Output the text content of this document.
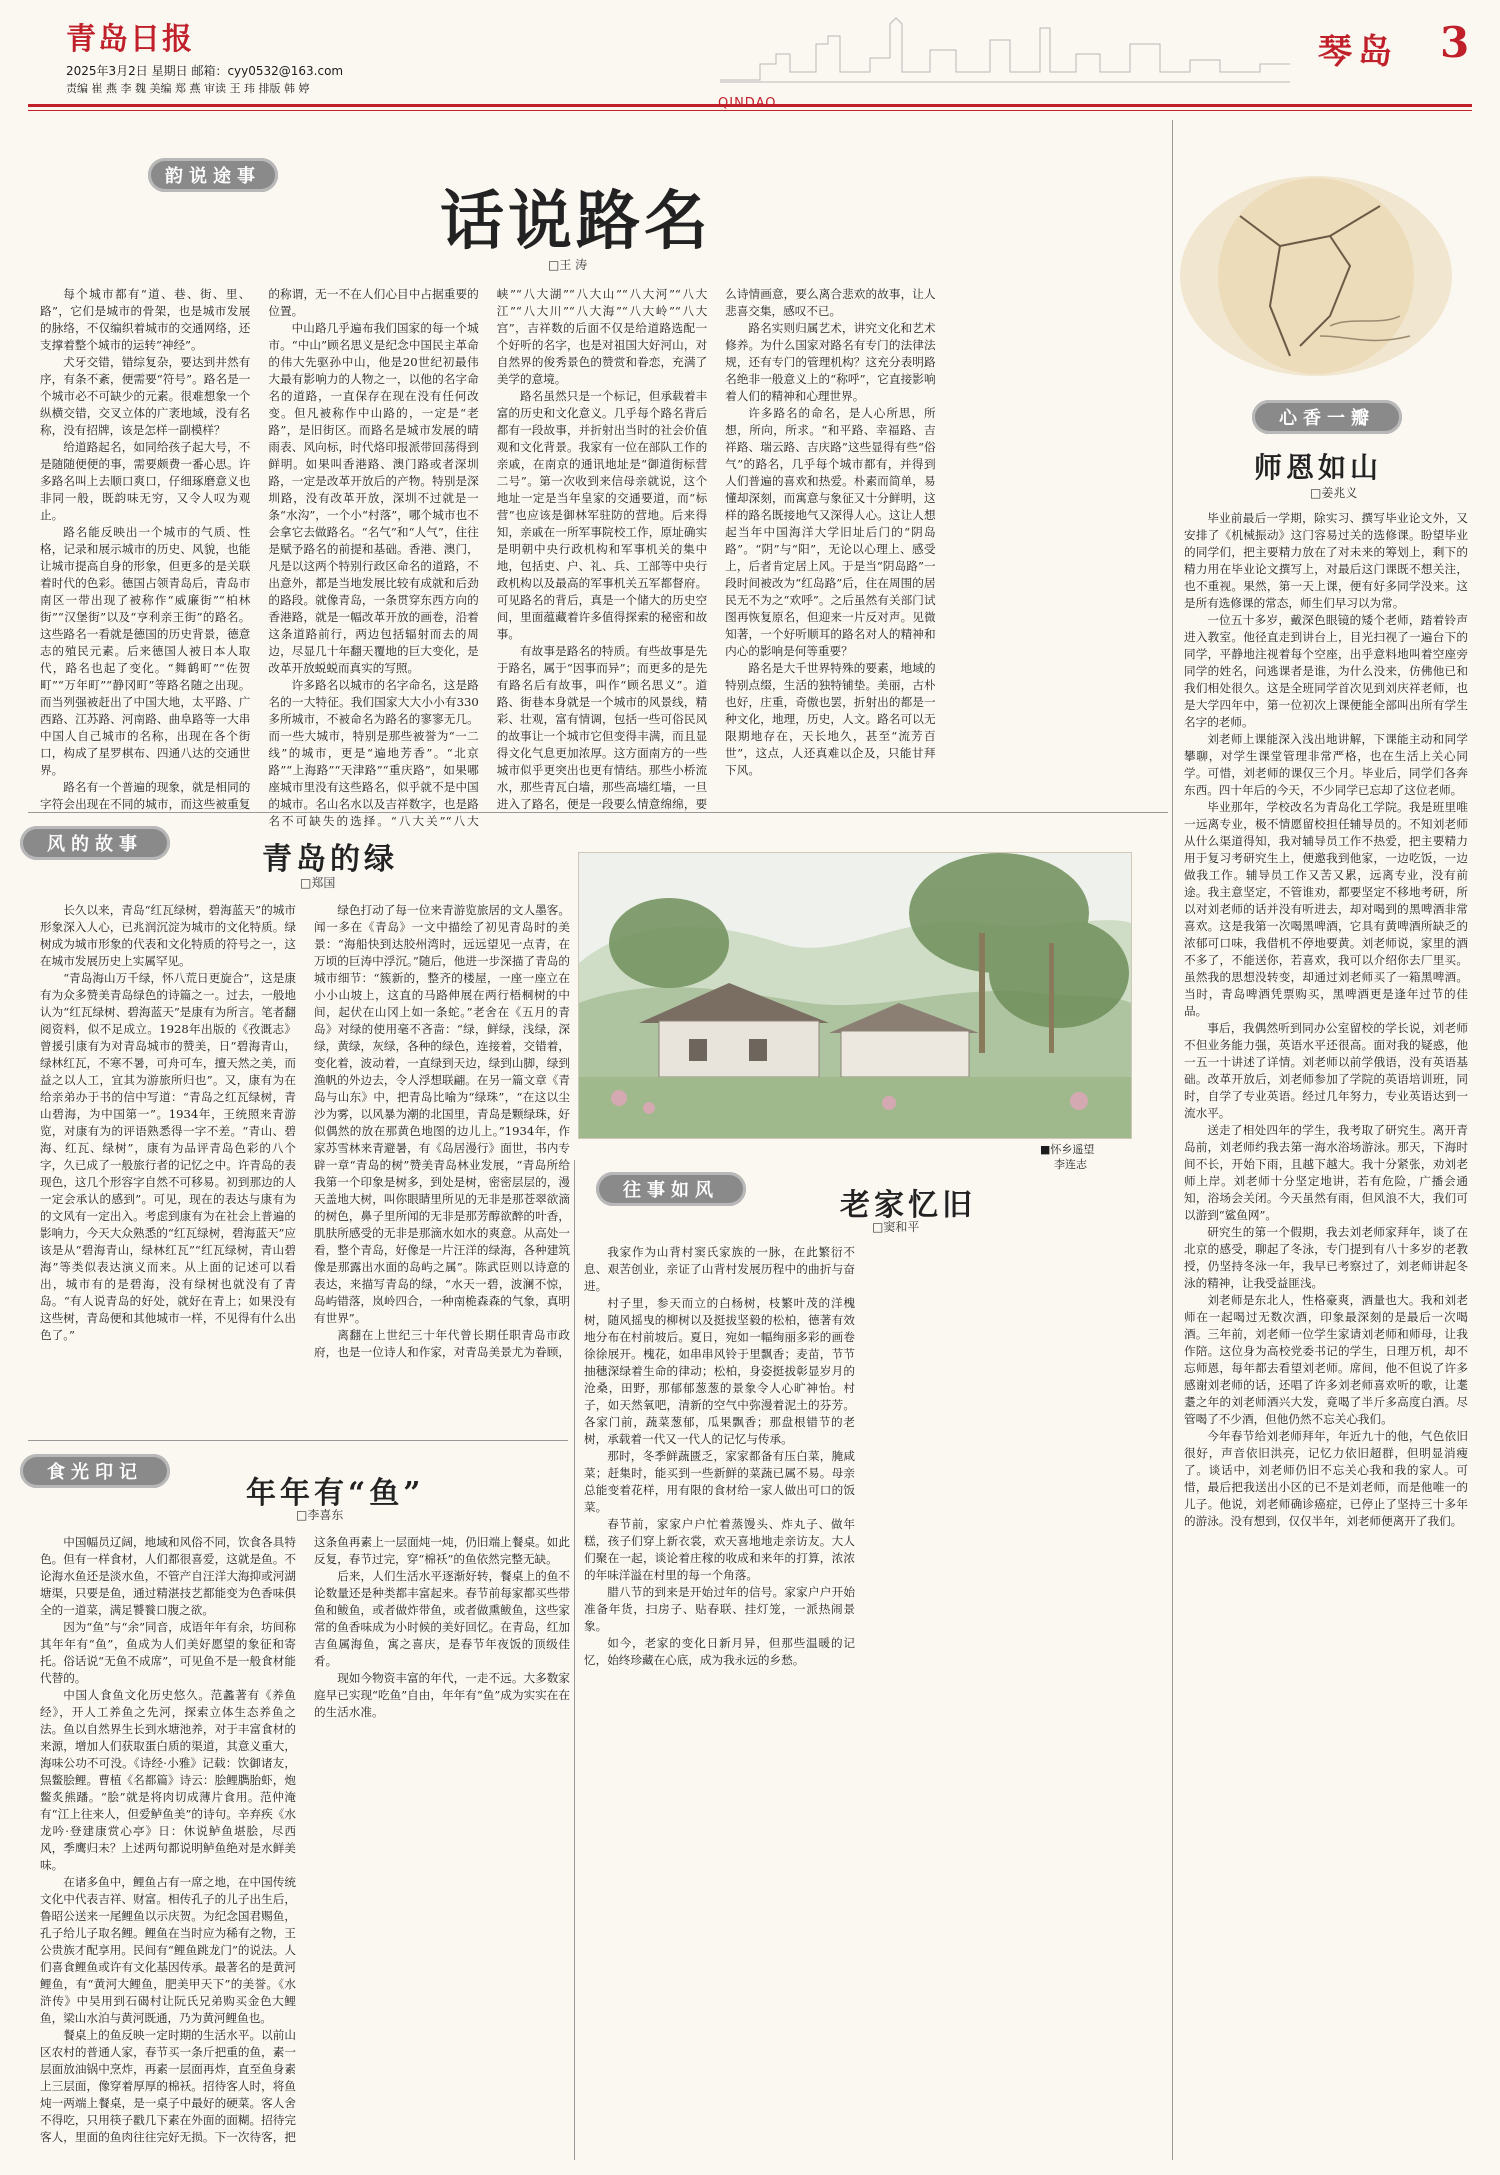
青岛日报
2025年3月2日 星期日 邮箱：cyy0532@163.com
责编 崔 燕 李 魏 美编 郑 燕 审读 王 玮 排版 韩 婷
琴岛 3
韵说途事
话说路名
□王 涛

每个城市都有“道、巷、街、里、路”，它们是城市的骨架，也是城市发展的脉络，不仅编织着城市的交通网络，还支撑着整个城市的运转“神经”。

犬牙交错，错综复杂，要达到井然有序，有条不紊，便需要“符号”。路名是一个城市必不可缺少的元素。很难想象一个纵横交错，交叉立体的广袤地域，没有名称，没有招牌，该是怎样一副模样？

给道路起名，如同给孩子起大号，不是随随便便的事，需要颇费一番心思。许多路名叫上去顺口爽口，仔细琢磨意义也非同一般，既韵味无穷，又令人叹为观止。

路名能反映出一个城市的气质、性格，记录和展示城市的历史、风貌，也能让城市提高自身的形象，但更多的是关联着时代的色彩。德国占领青岛后，青岛市南区一带出现了被称作“威廉街”“柏林街”“汉堡街”以及“亨利亲王街”的路名。这些路名一看就是德国的历史背景，德意志的殖民元素。后来德国人被日本人取代，路名也起了变化。“舞鹤町”“佐贺町”“万年町”“静冈町”等路名随之出现。而当列强被赶出了中国大地，太平路、广西路、江苏路、河南路、曲阜路等一大串中国人自己城市的名称，出现在各个街口，构成了星罗棋布、四通八达的交通世界。

路名有一个普遍的现象，就是相同的字符会出现在不同的城市，而这些被重复的称谓，无一不在人们心目中占据重要的位置。

中山路几乎遍布我们国家的每一个城市。“中山”顾名思义是纪念中国民主革命的伟大先驱孙中山，他是20世纪初最伟大最有影响力的人物之一，以他的名字命名的道路，一直保存在现在没有任何改变。但凡被称作中山路的，一定是“老路”，是旧街区。而路名是城市发展的晴雨表、风向标，时代烙印报派带回荡得到鲜明。如果叫香港路、澳门路或者深圳路，一定是改革开放后的产物。特别是深圳路，没有改革开放，深圳不过就是一条“水沟”，一个小“村落”，哪个城市也不会拿它去做路名。“名气”和“人气”，住往是赋予路名的前提和基础。香港、澳门，凡是以这两个特别行政区命名的道路，不出意外，都是当地发展比较有成就和后劲的路段。就像青岛，一条贯穿东西方向的香港路，就是一幅改革开放的画卷，沿着这条道路前行，两边包括辐射而去的周边，尽显几十年翻天覆地的巨大变化，是改革开放蜕蜕而真实的写照。

许多路名以城市的名字命名，这是路名的一大特征。我们国家大大小小有330多所城市，不被命名为路名的寥寥无几。而一些大城市，特别是那些被誉为“一二线”的城市，更是“遍地芳香”。“北京路”“上海路”“天津路”“重庆路”，如果哪座城市里没有这些路名，似乎就不是中国的城市。名山名水以及吉祥数字，也是路名不可缺失的选择。“八大关”“八大峡”“八大湖”“八大山”“八大河”“八大江”“八大川”“八大海”“八大岭”“八大宫”，吉祥数的后面不仅是给道路选配一个好听的名字，也是对祖国大好河山，对自然界的俊秀景色的赞赏和眷恋，充满了美学的意境。

路名虽然只是一个标记，但承载着丰富的历史和文化意义。几乎每个路名背后都有一段故事，并折射出当时的社会价值观和文化背景。我家有一位在部队工作的亲戚，在南京的通讯地址是“御道街标营二号”。第一次收到来信母亲就说，这个地址一定是当年皇家的交通要道，而“标营”也应该是御林军驻防的营地。后来得知，亲戚在一所军事院校工作，原址确实是明朝中央行政机构和军事机关的集中地，包括吏、户、礼、兵、工部等中央行政机构以及最高的军事机关五军都督府。可见路名的背后，真是一个储大的历史空间，里面蕴藏着许多值得探索的秘密和故事。

有故事是路名的特质。有些故事是先于路名，属于“因事而异”；而更多的是先有路名后有故事，叫作“顾名思义”。道路、街巷本身就是一个城市的风景线，精彩、壮观，富有情调，包括一些可俗民风的故事让一个城市它但变得丰满，而且显得文化气息更加浓厚。这方面南方的一些城市似乎更突出也更有情结。那些小桥流水，那些青瓦白墙，那些高墙红墙，一旦进入了路名，便是一段要么情意绵绵，要么诗情画意，要么离合悲欢的故事，让人悲喜交集，感叹不已。

路名实则归属艺术，讲究文化和艺术修养。为什么国家对路名有专门的法律法规，还有专门的管理机构？这充分表明路名绝非一般意义上的“称呼”，它直接影响着人们的精神和心理世界。

许多路名的命名，是人心所思，所想，所向，所求。“和平路、幸福路、吉祥路、瑞云路、吉庆路”这些显得有些“俗气”的路名，几乎每个城市都有，并得到人们普遍的喜欢和热爱。朴素而简单，易懂却深刻，而寓意与象征又十分鲜明，这样的路名既接地气又深得人心。这让人想起当年中国海洋大学旧址后门的“阴岛路”。“阴”与“阳”，无论以心理上、感受上，后者肯定居上风。于是当“阴岛路”一段时间被改为“红岛路”后，住在周围的居民无不为之“欢呼”。之后虽然有关部门试图再恢复原名，但迎来一片反对声。见微知著，一个好听顺耳的路名对人的精神和内心的影响是何等重要？

路名是大千世界特殊的要素，地域的特别点缀，生活的独特铺垫。美丽，古朴也好，庄重，奇傲也罢，折射出的都是一种文化，地理，历史，人文。路名可以无限期地存在，天长地久，甚至“流芳百世”，这点，人还真难以企及，只能甘拜下风。

风的故事	青岛的绿
□郑国

长久以来，青岛“红瓦绿树，碧海蓝天”的城市形象深入人心，已兆润沉淀为城市的文化特质。绿树成为城市形象的代表和文化特质的符号之一，这在城市发展历史上实属罕见。

“青岛海山万千绿，怀八荒日更旋合”，这是康有为众多赞美青岛绿色的诗篇之一。过去，一般地认为“红瓦绿树、碧海蓝天”是康有为所言。笔者翻阅资料，似不足成立。1928年出版的《孜溉志》曾援引康有为对青岛城市的赞美，日“碧海青山，绿林红瓦，不寒不暑，可舟可车，擅天然之美，而益之以人工，宜其为游旅所归也”。又，康有为在给亲弟办于书的信中写道：“青岛之红瓦绿树，青山碧海，为中国第一”。1934年，王统照来青游览，对康有为的评语熟悉得一字不差。“青山、碧海、红瓦、绿树”，康有为品评青岛色彩的八个字，久已成了一般旅行者的记忆之中。许青岛的表现色，这几个形容字自然不可移易。初到那边的人一定会承认的感到”。可见，现在的表达与康有为的文风有一定出入。考虑到康有为在社会上普遍的影响力，今天大众熟悉的“红瓦绿树，碧海蓝天”应该是从“碧海青山，绿林红瓦”“红瓦绿树，青山碧海”等类似表达演义而来。从上面的记述可以看出，城市有的是碧海，没有绿树也就没有了青岛。“有人说青岛的好处，就好在青上；如果没有这些树，青岛便和其他城市一样，不见得有什么出色了。”

绿色打动了每一位来青游览旅居的文人墨客。闻一多在《青岛》一文中描绘了初见青岛时的美景：“海船快到达胶州湾时，远远望见一点青，在万顷的巨涛中浮沉。”随后，他进一步深描了青岛的城市细节：“簇新的，整齐的楼屋，一座一座立在小小山坡上，这直的马路伸展在两行梧桐树的中间，起伏在山冈上如一条蛇。”老舍在《五月的青岛》对绿的使用毫不吝啬：“绿，鲜绿，浅绿，深绿，黄绿，灰绿，各种的绿色，连接着，交错着，变化着，波动着，一直绿到天边，绿到山脚，绿到渔帆的外边去，令人浮想联翩。在另一篇文章《青岛与山东》中，把青岛比喻为“绿珠”，“在这以尘沙为雾，以风暴为潮的北国里，青岛是颗绿珠，好似偶然的放在那黄色地图的边儿上。”1934年，作家苏雪林来青避暑，有《岛居漫行》面世，书内专辟一章“青岛的树”赞美青岛林业发展，“青岛所给我第一个印象是树多，到处是树，密密层层的，漫天盖地大树，叫你眼睛里所见的无非是那苍翠欲滴的树色，鼻子里所闻的无非是那芳醇欲醉的叶香，肌肤所感受的无非是那滴水如水的爽意。从高处一看，整个青岛，好像是一片汪洋的绿海，各种建筑像是那露出水面的岛屿之属”。陈武臣则以诗意的表达，来描写青岛的绿，“水天一碧，波澜不惊，岛屿错落，岚岭四合，一种南桅森森的气象，真明有世界”。

离翻在上世纪三十年代曾长期任职青岛市政府，也是一位诗人和作家，对青岛美景尤为眷顾，

■怀乡遥望
李连志
往事如风	老家忆旧
□窦和平

我家作为山背村窦氏家族的一脉，在此繁衍不息、艰苦创业，亲证了山背村发展历程中的曲折与奋进。

村子里，参天而立的白杨树，枝繁叶茂的洋槐树，随风摇曳的柳树以及挺拔坚毅的松柏，德著有效地分布在村前坡后。夏日，宛如一幅绚丽多彩的画卷徐徐展开。槐花，如串串风铃于里飘香；麦苗，节节抽穗深绿着生命的律动；松柏，身姿挺拔彰显岁月的沧桑，田野，那郁郁葱葱的景象令人心旷神怡。村子，如天然氧吧，清新的空气中弥漫着泥土的芬芳。各家门前，蔬菜葱郁，瓜果飘香；那盘根错节的老树，承载着一代又一代人的记忆与传承。

那时，冬季鲜蔬匮乏，家家都备有压白菜，腌咸菜；赶集时，能买到一些新鲜的菜蔬已属不易。母亲总能变着花样，用有限的食材给一家人做出可口的饭菜。

春节前，家家户户忙着蒸馒头、炸丸子、做年糕，孩子们穿上新衣裳，欢天喜地地走亲访友。大人们聚在一起，谈论着庄稼的收成和来年的打算，浓浓的年味洋溢在村里的每一个角落。

腊八节的到来是开始过年的信号。家家户户开始准备年货，扫房子、贴春联、挂灯笼，一派热闹景象。

如今，老家的变化日新月异，但那些温暖的记忆，始终珍藏在心底，成为我永远的乡愁。

食光印记
年年有“鱼”
□李喜东

中国幅员辽阔，地域和风俗不同，饮食各具特色。但有一样食材，人们都很喜爱，这就是鱼。不论海水鱼还是淡水鱼，不管产自汪洋大海抑或河湖塘渠，只要是鱼，通过精湛技艺都能变为色香味俱全的一道菜，满足饕餮口腹之欲。

因为“鱼”与“余”同音，成语年年有余，坊间称其年年有“鱼”，鱼成为人们美好愿望的象征和寄托。俗话说“无鱼不成席”，可见鱼不是一般食材能代替的。

中国人食鱼文化历史悠久。范蠡著有《养鱼经》，开人工养鱼之先河，探索立体生态养鱼之法。鱼以自然界生长到水塘池养，对于丰富食材的来源，增加人们获取蛋白质的渠道，其意义重大，海味公功不可没。《诗经·小雅》记载：饮御诸友，炰鳖脍鲤。曹植《名都篇》诗云：脍鲤臇胎虾，炮鳖炙熊蹯。“脍”就是将肉切成薄片食用。范仲淹有“江上往来人，但爱鲈鱼美”的诗句。辛弃疾《水龙吟·登建康赏心亭》日：休说鲈鱼堪脍，尽西风，季鹰归未？上述两句都说明鲈鱼绝对是水鲜美味。

在诸多鱼中，鲤鱼占有一席之地，在中国传统文化中代表吉祥、财富。相传孔子的儿子出生后，鲁昭公送来一尾鲤鱼以示庆贺。为纪念国君赐鱼，孔子给儿子取名鲤。鲤鱼在当时应为稀有之物，王公贵族才配享用。民间有“鲤鱼跳龙门”的说法。人们喜食鲤鱼或许有文化基因传承。最著名的是黄河鲤鱼，有“黄河大鲤鱼，肥美甲天下”的美誉。《水浒传》中吴用到石碣村让阮氏兄弟购买金色大鲤鱼，梁山水泊与黄河既通，乃为黄河鲤鱼也。

餐桌上的鱼反映一定时期的生活水平。以前山区农村的普通人家，春节买一条斤把重的鱼，素一层面放油锅中烹炸，再素一层面再炸，直至鱼身素上三层面，像穿着厚厚的棉袄。招待客人时，将鱼炖一两端上餐桌，是一桌子中最好的硬菜。客人舍不得吃，只用筷子戳几下素在外面的面糊。招待完客人，里面的鱼肉往往完好无损。下一次待客，把这条鱼再素上一层面炖一炖，仍旧端上餐桌。如此反复，春节过完，穿“棉袄”的鱼依然完整无缺。

后来，人们生活水平逐渐好转，餐桌上的鱼不论数量还是种类都丰富起来。春节前每家都买些带鱼和鲅鱼，或者做炸带鱼，或者做熏鲅鱼，这些家常的鱼香味成为小时候的美好回忆。在青岛，红加吉鱼属海鱼，寓之喜庆，是春节年夜饭的顶级佳肴。

现如今物资丰富的年代，一走不远。大多数家庭早已实现“吃鱼”自由，年年有“鱼”成为实实在在的生活水准。

心香一瓣
师恩如山
□姜兆义

毕业前最后一学期，除实习、撰写毕业论文外，又安排了《机械振动》这门容易过关的选修课。盼望毕业的同学们，把主要精力放在了对未来的筹划上，剩下的精力用在毕业论文撰写上，对最后这门课既不想关注，也不重视。果然，第一天上课，便有好多同学没来。这是所有选修课的常态，师生们早习以为常。

一位五十多岁，戴深色眼镜的矮个老师，踏着铃声进入教室。他径直走到讲台上，目光扫视了一遍台下的同学，平静地注视着每个空座，出乎意料地叫着空座旁同学的姓名，问逃课者是谁，为什么没来，仿佛他已和我们相处很久。这是全班同学首次见到刘庆祥老师，也是大学四年中，第一位初次上课便能全部叫出所有学生名字的老师。

刘老师上课能深入浅出地讲解，下课能主动和同学攀聊，对学生课堂管理非常严格，也在生活上关心同学。可惜，刘老师的课仅三个月。毕业后，同学们各奔东西。四十年后的今天，不少同学已忘却了这位老师。

毕业那年，学校改名为青岛化工学院。我是班里唯一远离专业，极不情愿留校担任辅导员的。不知刘老师从什么渠道得知，我对辅导员工作不热爱，把主要精力用于复习考研究生上，便邀我到他家，一边吃饭，一边做我工作。辅导员工作又苦又累，远离专业，没有前途。我主意坚定，不管谁劝，都要坚定不移地考研，所以对刘老师的话并没有听进去，却对喝到的黑啤酒非常喜欢。这是我第一次喝黑啤酒，它具有黄啤酒所缺乏的浓郁可口味，我借机不停地要黄。刘老师说，家里的酒不多了，不能送你，若喜欢，我可以介绍你去厂里买。虽然我的思想没转变，却通过刘老师买了一箱黑啤酒。当时，青岛啤酒凭票购买，黑啤酒更是逢年过节的佳品。

事后，我偶然听到同办公室留校的学长说，刘老师不但业务能力强，英语水平还很高。面对我的疑惑，他一五一十讲述了详情。刘老师以前学俄语，没有英语基础。改革开放后，刘老师参加了学院的英语培训班，同时，自学了专业英语。经过几年努力，专业英语达到一流水平。

送走了相处四年的学生，我考取了研究生。离开青岛前，刘老师约我去第一海水浴场游泳。那天，下海时间不长，开始下雨，且越下越大。我十分紧张，劝刘老师上岸。刘老师十分坚定地讲，若有危险，广播会通知，浴场会关闭。今天虽然有雨，但风浪不大，我们可以游到“鲨鱼网”。

研究生的第一个假期，我去刘老师家拜年，谈了在北京的感受，聊起了冬泳，专门提到有八十多岁的老教授，仍坚持冬泳一年，我早已考察过了，刘老师讲起冬泳的精神，让我受益匪浅。

刘老师是东北人，性格豪爽，酒量也大。我和刘老师在一起喝过无数次酒，印象最深刻的是最后一次喝酒。三年前，刘老师一位学生家请刘老师和师母，让我作陪。这位身为高校党委书记的学生，日理万机，却不忘师恩，每年都去看望刘老师。席间，他不但说了许多感谢刘老师的话，还唱了许多刘老师喜欢听的歌，让耄耋之年的刘老师酒兴大发，竟喝了半斤多高度白酒。尽管喝了不少酒，但他仍然不忘关心我们。

今年春节给刘老师拜年，年近九十的他，气色依旧很好，声音依旧洪亮，记忆力依旧超群，但明显消瘦了。谈话中，刘老师仍旧不忘关心我和我的家人。可惜，最后把我送出小区的已不是刘老师，而是他唯一的儿子。他说，刘老师确诊癌症，已停止了坚持三十多年的游泳。没有想到，仅仅半年，刘老师便离开了我们。
